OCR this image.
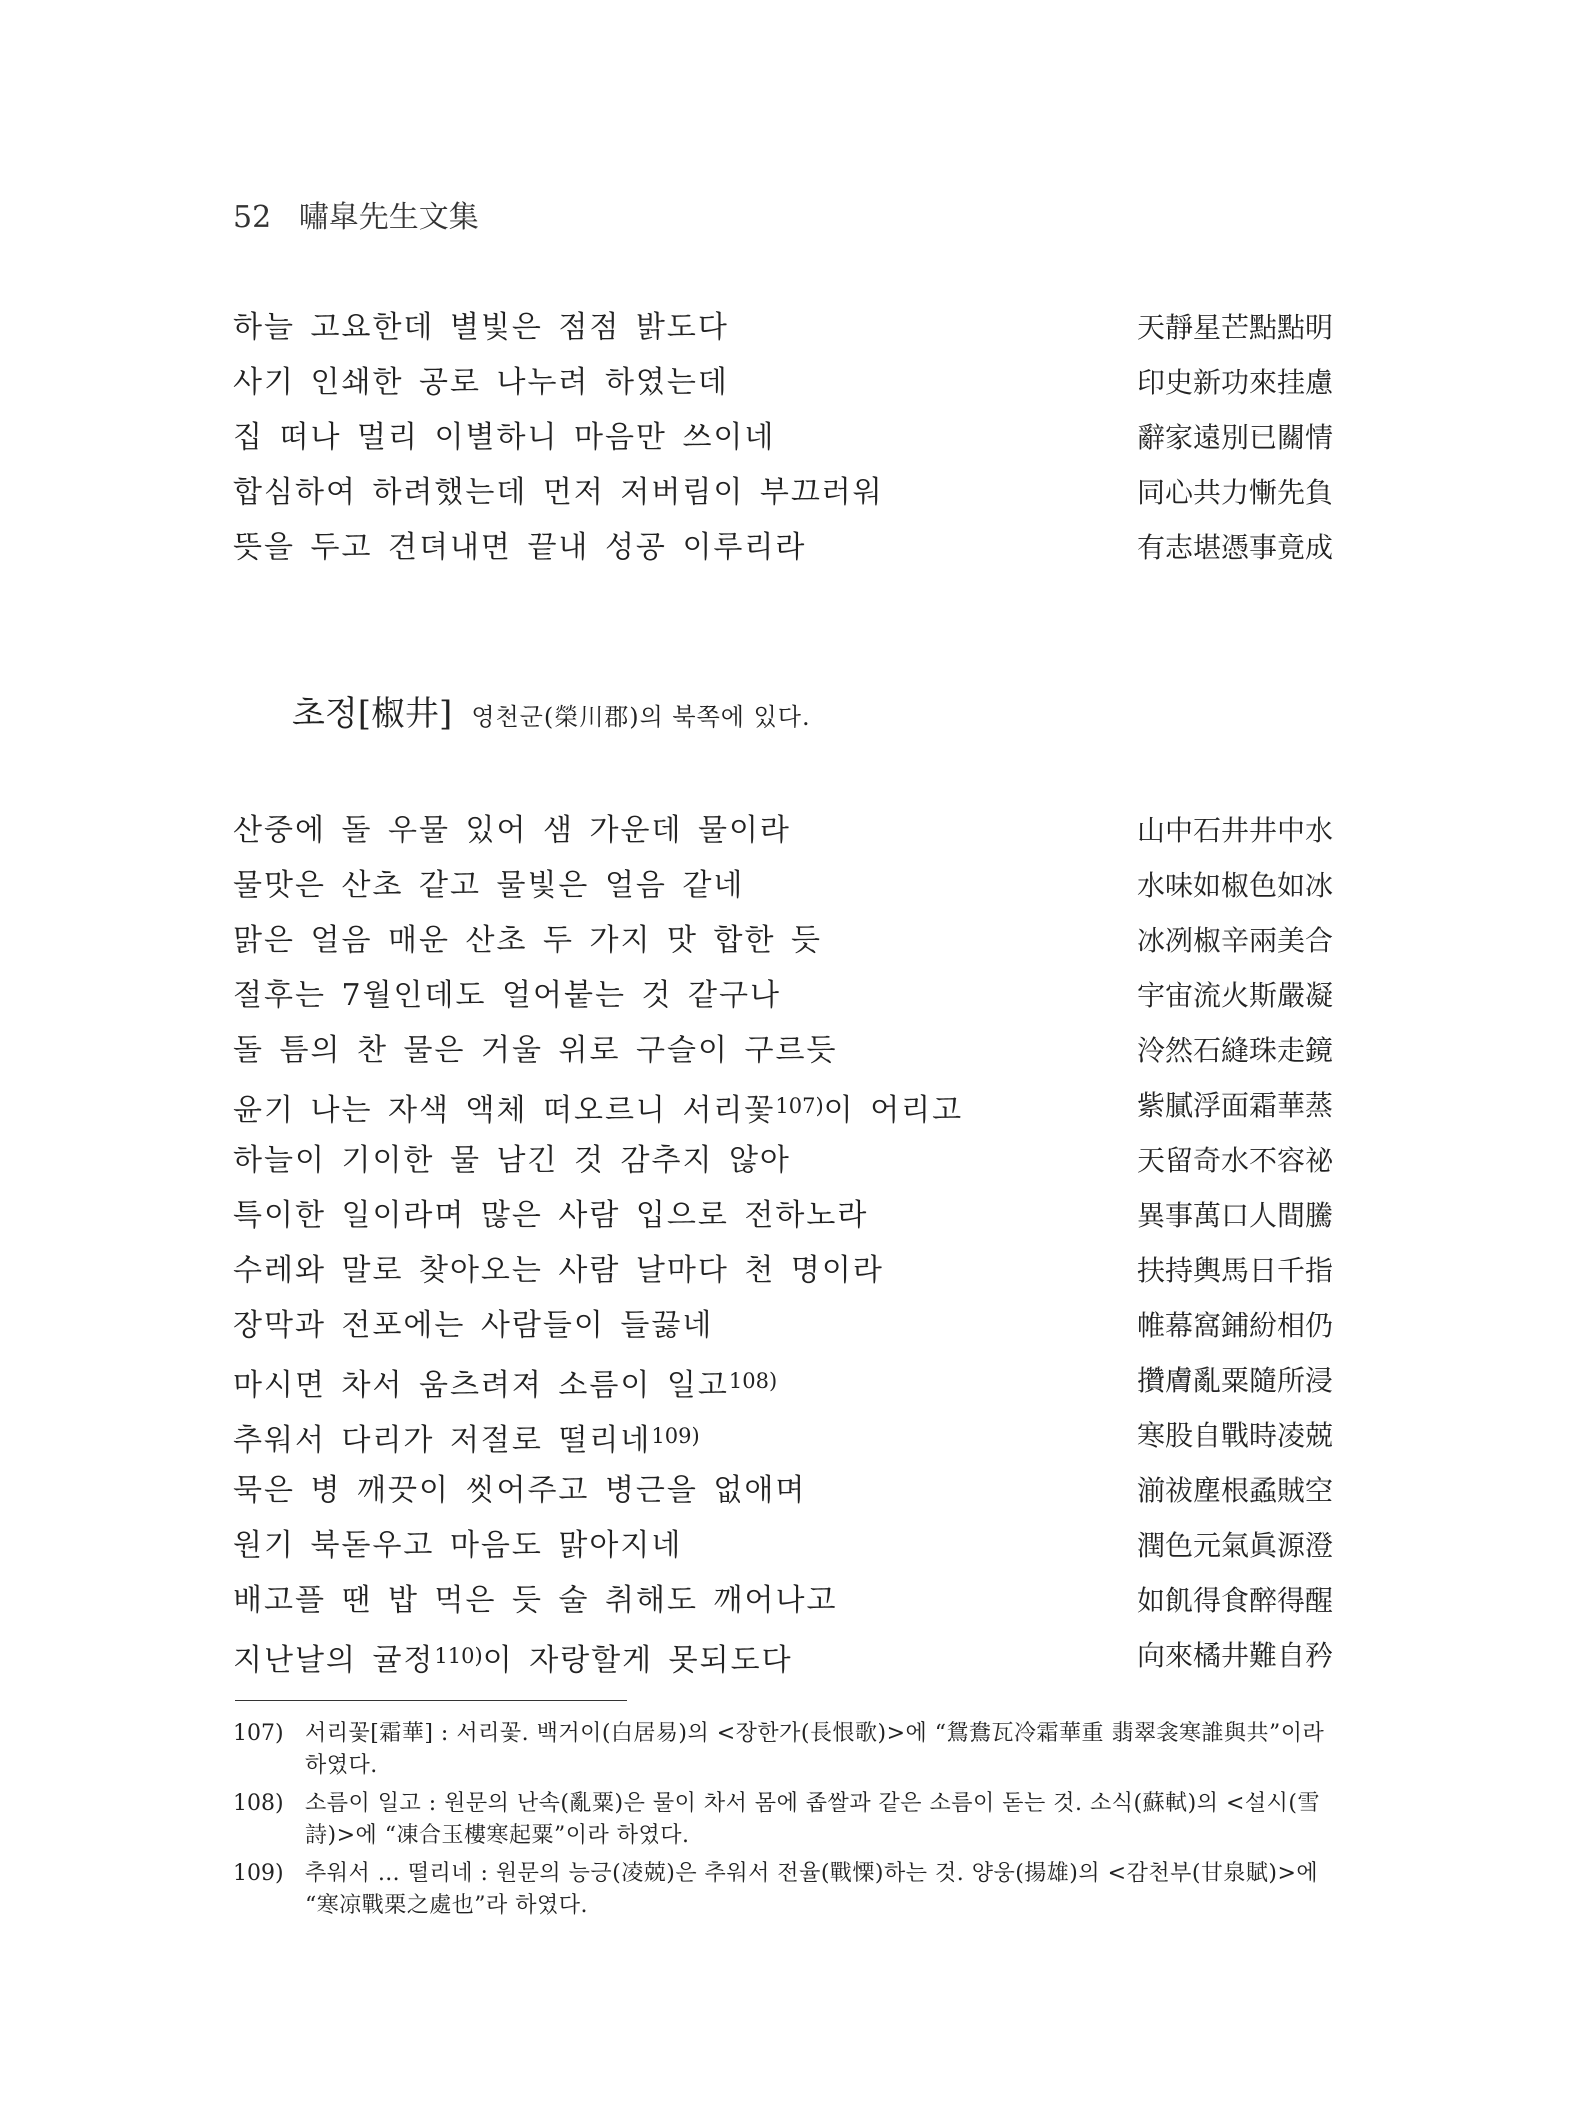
52 嘯皐先生文集
하늘 고요한데 별빛은 점점 밝도다	天靜星芒點點明
사기 인쇄한 공로 나누려 하였는데	印史新功來挂慮
집 떠나 멀리 이별하니 마음만 쓰이네	辭家遠別已關情
합심하여 하려했는데 먼저 저버림이 부끄러워	同心共力慚先負
뜻을 두고 견뎌내면 끝내 성공 이루리라	有志堪憑事竟成
초정[椒井] 영천군(榮川郡)의 북쪽에 있다.
산중에 돌 우물 있어 샘 가운데 물이라	山中石井井中水
물맛은 산초 같고 물빛은 얼음 같네	水味如椒色如冰
맑은 얼음 매운 산초 두 가지 맛 합한 듯	冰冽椒辛兩美合
절후는 7월인데도 얼어붙는 것 같구나	宇宙流火斯嚴凝
돌 틈의 찬 물은 거울 위로 구슬이 구르듯	泠然石縫珠走鏡
윤기 나는 자색 액체 떠오르니 서리꽃$^{107)}$이 어리고	紫膩浮面霜華蒸
하늘이 기이한 물 남긴 것 감추지 않아	天留奇水不容祕
특이한 일이라며 많은 사람 입으로 전하노라	異事萬口人間騰
수레와 말로 찾아오는 사람 날마다 천 명이라	扶持輿馬日千指
장막과 전포에는 사람들이 들끓네	帷幕窩鋪紛相仍
마시면 차서 움츠려져 소름이 일고$^{108)}$	攢膚亂粟隨所浸
추워서 다리가 저절로 떨리네$^{109)}$	寒股自戰時凌兢
묵은 병 깨끗이 씻어주고 병근을 없애며	湔祓塵根蟊賊空
원기 북돋우고 마음도 맑아지네	潤色元氣眞源澄
배고플 땐 밥 먹은 듯 술 취해도 깨어나고	如飢得食醉得醒
지난날의 귤정$^{110)}$이 자랑할게 못되도다	向來橘井難自矜
107) 서리꽃[霜華] : 서리꽃. 백거이(白居易)의 <장한가(長恨歌)>에 “鴛鴦瓦冷霜華重 翡翠衾寒誰與共”이라 하였다.
108) 소름이 일고 : 원문의 난속(亂粟)은 물이 차서 몸에 좁쌀과 같은 소름이 돋는 것. 소식(蘇軾)의 <설시(雪詩)>에 “凍合玉樓寒起粟”이라 하였다.
109) 추워서 … 떨리네 : 원문의 능긍(凌兢)은 추워서 전율(戰慄)하는 것. 양웅(揚雄)의 <감천부(甘泉賦)>에 “寒凉戰栗之處也”라 하였다.
